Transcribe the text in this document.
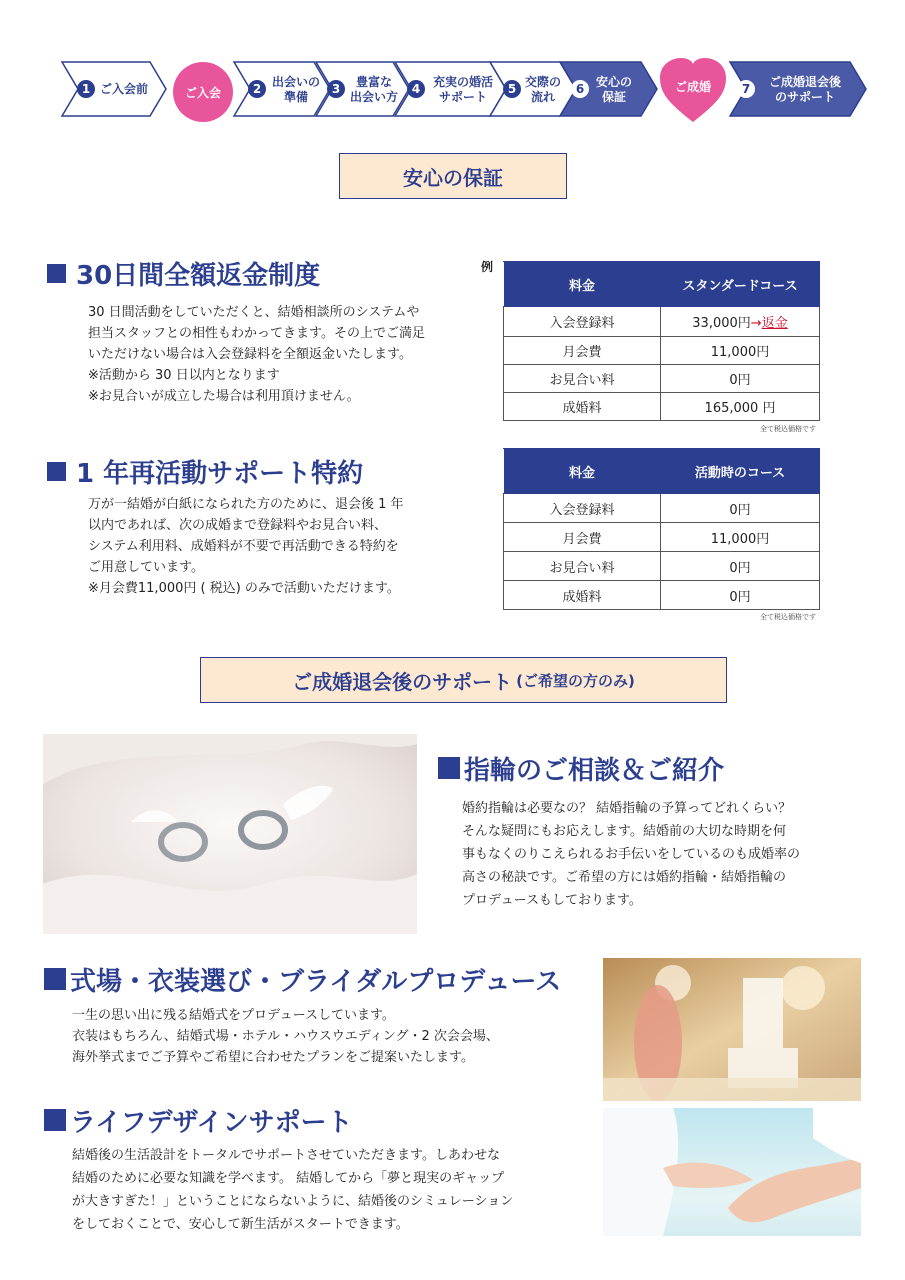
1 ご入会前	ご入会	2 出会いの
準備
3 豊富な
出会い方
4 充実の婚活
サポート
5 交際の
流れ
6 安心の
保証
ご成婚	7 ご成婚退会後
のサポート
安心の保証
30日間全額返金制度
30 日間活動をしていただくと、結婚相談所のシステムや
担当スタッフとの相性もわかってきます。その上でご満足
いただけない場合は入会登録料を全額返金いたします。
※活動から 30 日以内となります
※お見合いが成立した場合は利用頂けません。
例
料金	スタンダードコース
入会登録料	33,000円→返金
月会費	11,000円
お見合い料	0円
成婚料	165,000 円
全て税込価格です
1 年再活動サポート特約
万が一結婚が白紙になられた方のために、退会後 1 年
以内であれば、次の成婚まで登録料やお見合い料、
システム利用料、成婚料が不要で再活動できる特約を
ご用意しています。
※月会費11,000円 ( 税込) のみで活動いただけます。
料金	活動時のコース
入会登録料	0円
月会費	11,000円
お見合い料	0円
成婚料	0円
全て税込価格です
ご成婚退会後のサポート (ご希望の方のみ)
指輪のご相談＆ご紹介
婚約指輪は必要なの？ 結婚指輪の予算ってどれくらい？
そんな疑問にもお応えします。結婚前の大切な時期を何
事もなくのりこえられるお手伝いをしているのも成婚率の
高さの秘訣です。ご希望の方には婚約指輪・結婚指輪の
プロデュースもしております。
式場・衣装選び・ブライダルプロデュース
一生の思い出に残る結婚式をプロデュースしています。
衣装はもちろん、結婚式場・ホテル・ハウスウエディング・2 次会会場、
海外挙式までご予算やご希望に合わせたプランをご提案いたします。
ライフデザインサポート
結婚後の生活設計をトータルでサポートさせていただきます。しあわせな
結婚のために必要な知識を学べます。 結婚してから「夢と現実のギャップ
が大きすぎた！」ということにならないように、結婚後のシミュレーション
をしておくことで、安心して新生活がスタートできます。
